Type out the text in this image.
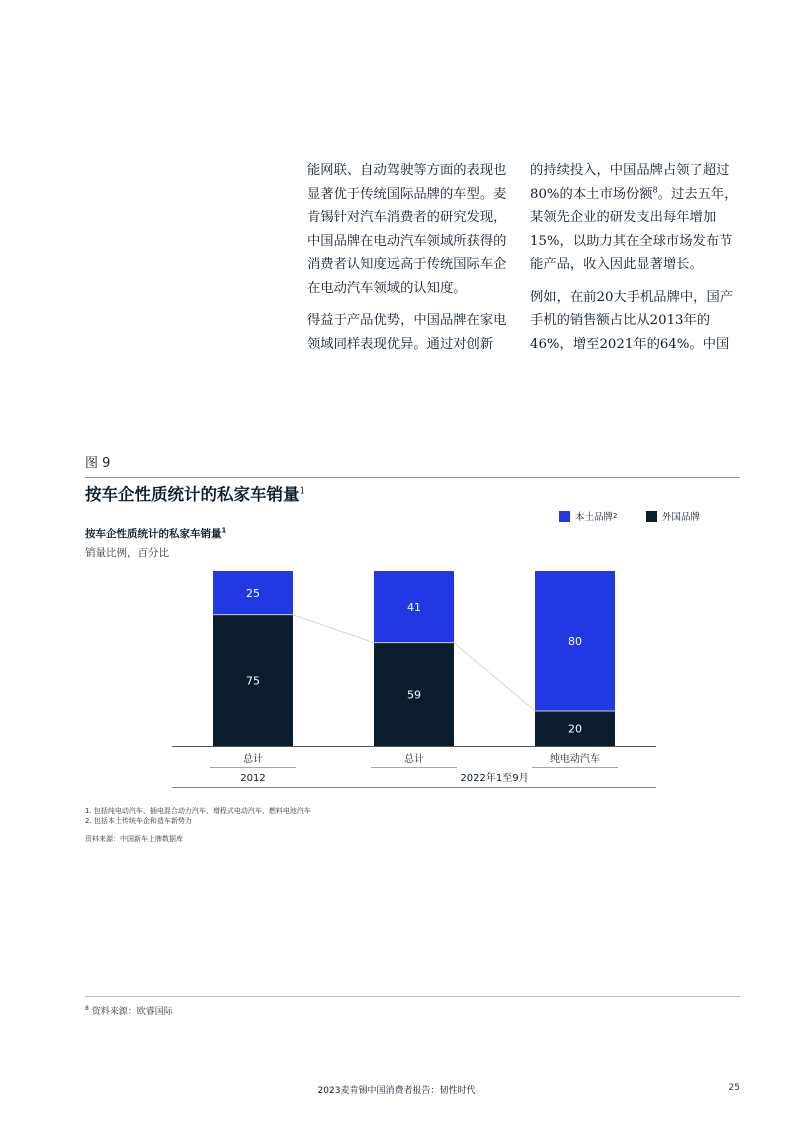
能网联、自动驾驶等方面的表现也显著优于传统国际品牌的车型。麦肯锡针对汽车消费者的研究发现，中国品牌在电动汽车领域所获得的消费者认知度远高于传统国际车企在电动汽车领域的认知度。

得益于产品优势，中国品牌在家电领域同样表现优异。通过对创新

的持续投入，中国品牌占领了超过80%的本土市场份额$^8$。过去五年，某领先企业的研发支出每年增加15%，以助力其在全球市场发布节能产品，收入因此显著增长。

例如，在前20大手机品牌中，国产手机的销售额占比从2013年的46%，增至2021年的64%。中国

图 9
按车企性质统计的私家车销量$^1$
本土品牌 2	外国品牌
按车企性质统计的私家车销量$^1$
销量比例，百分比
75
25
59
41
20
80
总计	总计	纯电动汽车
2012	2022年1至9月
1. 包括纯电动汽车、插电混合动力汽车、增程式电动汽车、燃料电池汽车
2. 包括本土传统车企和造车新势力
资料来源：中国新车上牌数据库
$^8$ 资料来源：欧睿国际
2023麦肯锡中国消费者报告：韧性时代	25
